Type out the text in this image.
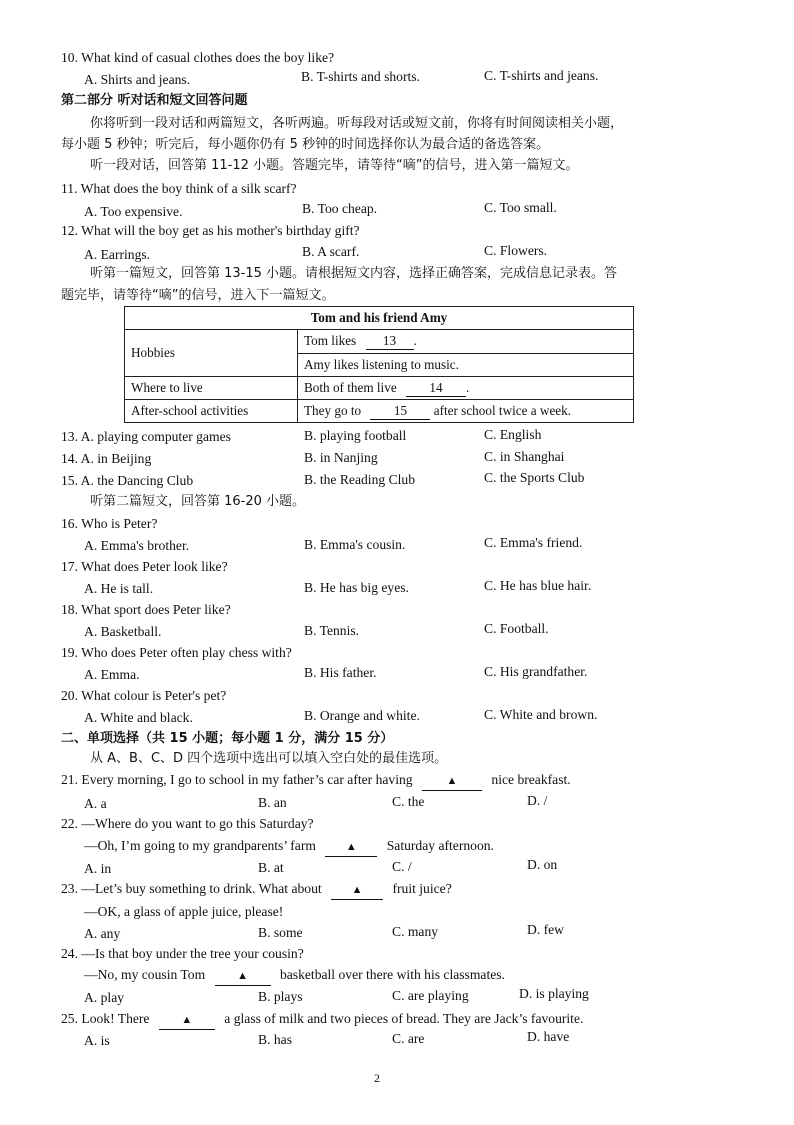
10. What kind of casual clothes does the boy like?
A. Shirts and jeans.	B. T-shirts and shorts.	C. T-shirts and jeans.
第二部分 听对话和短文回答问题
你将听到一段对话和两篇短文，各听两遍。听每段对话或短文前，你将有时间阅读相关小题，
每小题 5 秒钟；听完后，每小题你仍有 5 秒钟的时间选择你认为最合适的备选答案。
听一段对话，回答第 11-12 小题。答题完毕，请等待“嘀”的信号，进入第一篇短文。
11. What does the boy think of a silk scarf?
A. Too expensive.	B. Too cheap.	C. Too small.
12. What will the boy get as his mother's birthday gift?
A. Earrings.	B. A scarf.	C. Flowers.
听第一篇短文，回答第 13-15 小题。请根据短文内容，选择正确答案，完成信息记录表。答
题完毕，请等待“嘀”的信号，进入下一篇短文。
Tom and his friend Amy	
Hobbies	Tom likes 13 .
	Amy likes listening to music.
Where to live	Both of them live 14 .
After-school activities	They go to 15 after school twice a week.
13. A. playing computer games	B. playing football	C. English
14. A. in Beijing	B. in Nanjing	C. in Shanghai
15. A. the Dancing Club	B. the Reading Club	C. the Sports Club
听第二篇短文，回答第 16-20 小题。
16. Who is Peter?
A. Emma's brother.	B. Emma's cousin.	C. Emma's friend.
17. What does Peter look like?
A. He is tall.	B. He has big eyes.	C. He has blue hair.
18. What sport does Peter like?
A. Basketball.	B. Tennis.	C. Football.
19. Who does Peter often play chess with?
A. Emma.	B. His father.	C. His grandfather.
20. What colour is Peter's pet?
A. White and black.	B. Orange and white.	C. White and brown.
二、单项选择（共 15 小题；每小题 1 分，满分 15 分）
从 A、B、C、D 四个选项中选出可以填入空白处的最佳选项。
21. Every morning, I go to school in my father’s car after having	▲ nice breakfast.
A. a	B. an	C. the	D. /
22. —Where do you want to go this Saturday?
—Oh, I’m going to my grandparents’ farm	▲ Saturday afternoon.
A. in	B. at	C. /	D. on
23. —Let’s buy something to drink. What about	▲ fruit juice?
—OK, a glass of apple juice, please!
A. any	B. some	C. many	D. few
24. —Is that boy under the tree your cousin?
—No, my cousin Tom	▲ basketball over there with his classmates.
A. play	B. plays	C. are playing	D. is playing
25. Look! There	▲ a glass of milk and two pieces of bread. They are Jack’s favourite.
A. is	B. has	C. are	D. have
2
